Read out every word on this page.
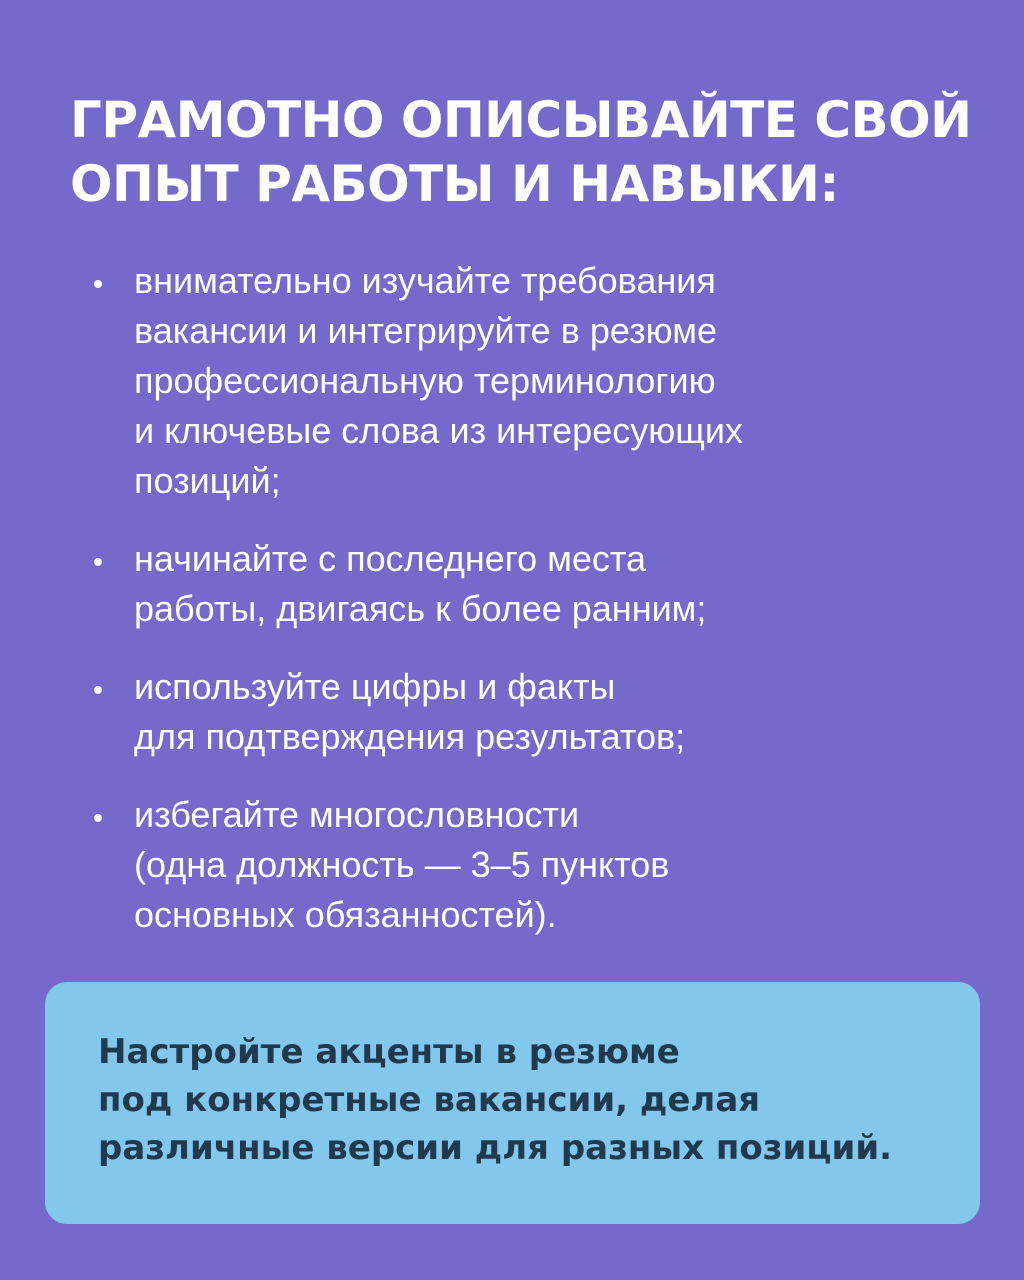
ГРАМОТНО ОПИСЫВАЙТЕ СВОЙ
ОПЫТ РАБОТЫ И НАВЫКИ:
внимательно изучайте требования
вакансии и интегрируйте в резюме
профессиональную терминологию
и ключевые слова из интересующих
позиций;
начинайте с последнего места
работы, двигаясь к более ранним;
используйте цифры и факты
для подтверждения результатов;
избегайте многословности
(одна должность — 3–5 пунктов
основных обязанностей).

Настройте акценты в резюме
под конкретные вакансии, делая
различные версии для разных позиций.
